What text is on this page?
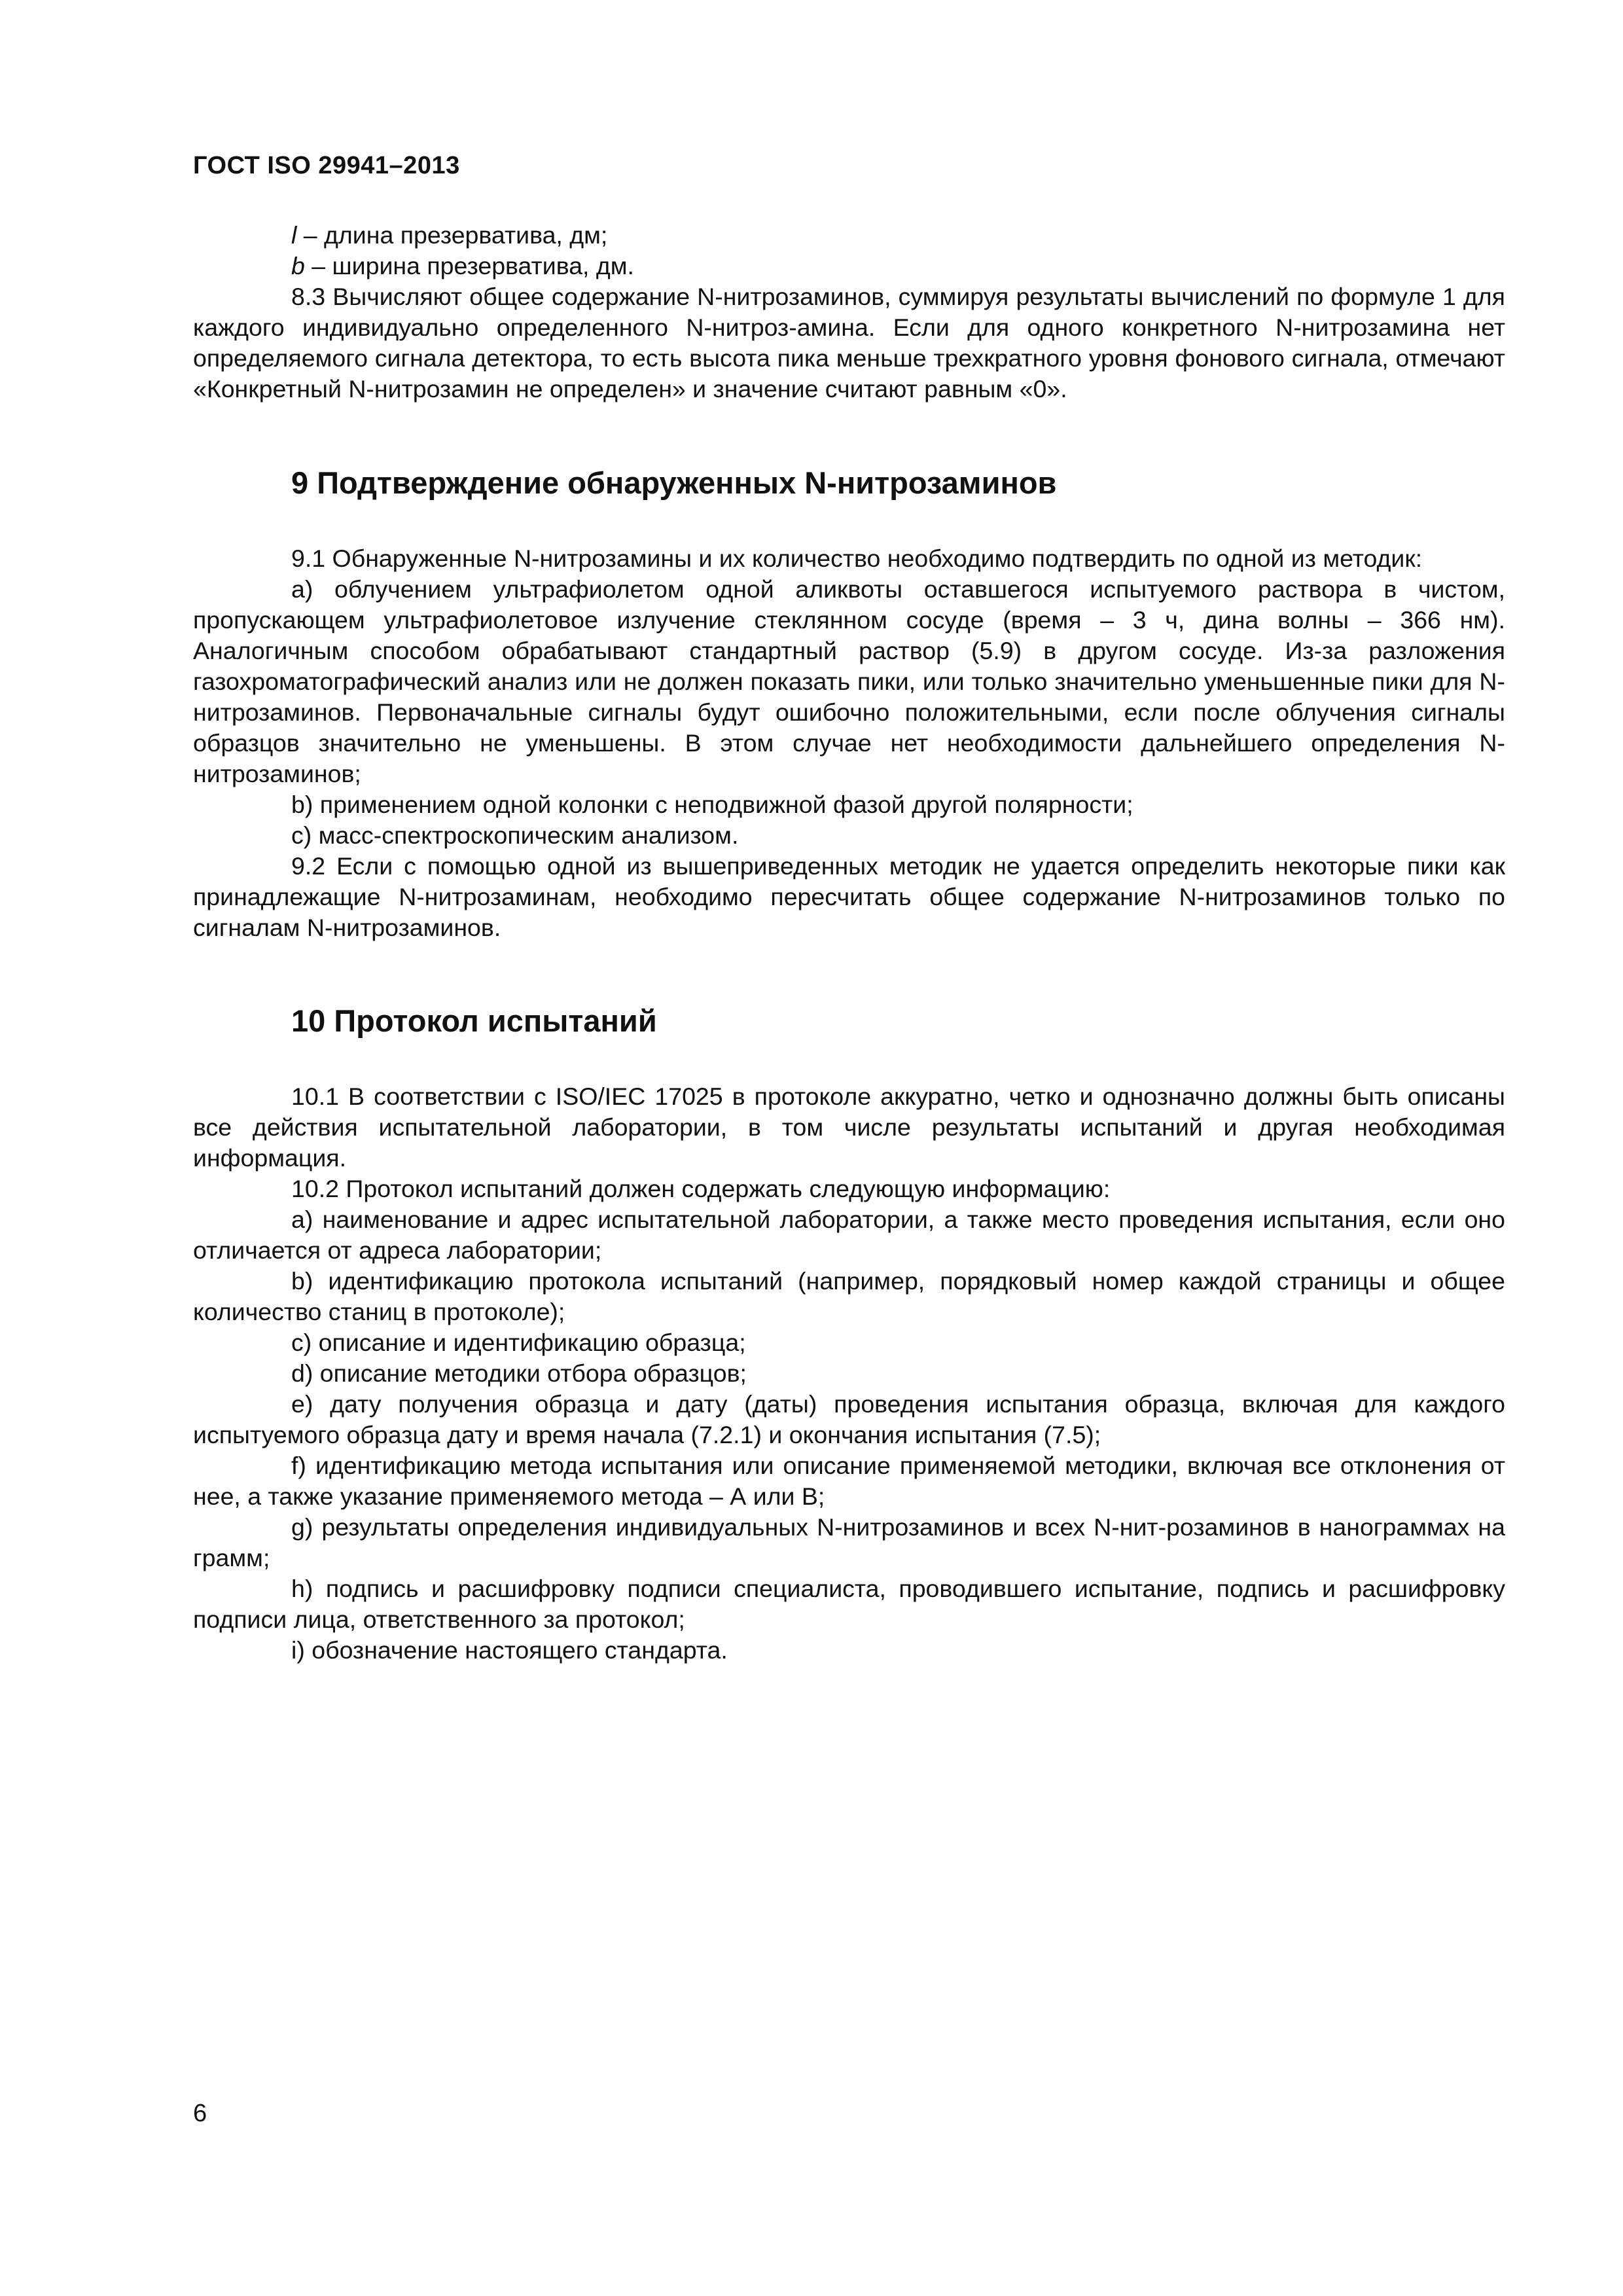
ГОСТ ISO 29941–2013

l – длина презерватива, дм;

b – ширина презерватива, дм.

8.3 Вычисляют общее содержание N-нитрозаминов, суммируя результаты вычислений по формуле 1 для каждого индивидуально определенного N-нитроз-амина. Если для одного конкретного N-нитрозамина нет определяемого сигнала детектора, то есть высота пика меньше трехкратного уровня фонового сигнала, отмечают «Конкретный N-нитрозамин не определен» и значение считают равным «0».

9 Подтверждение обнаруженных N-нитрозаминов

9.1 Обнаруженные N-нитрозамины и их количество необходимо подтвердить по одной из методик:

а) облучением ультрафиолетом одной аликвоты оставшегося испытуемого раствора в чистом, пропускающем ультрафиолетовое излучение стеклянном сосуде (время – 3 ч, дина волны – 366 нм). Аналогичным способом обрабатывают стандартный раствор (5.9) в другом сосуде. Из-за разложения газохроматографический анализ или не должен показать пики, или только значительно уменьшенные пики для N-нитрозаминов. Первоначальные сигналы будут ошибочно положительными, если после облучения сигналы образцов значительно не уменьшены. В этом случае нет необходимости дальнейшего определения N-нитрозаминов;

b) применением одной колонки с неподвижной фазой другой полярности;

с) масс-спектроскопическим анализом.

9.2 Если с помощью одной из вышеприведенных методик не удается определить некоторые пики как принадлежащие N-нитрозаминам, необходимо пересчитать общее содержание N-нитрозаминов только по сигналам N-нитрозаминов.

10 Протокол испытаний

10.1 В соответствии с ISO/IEC 17025 в протоколе аккуратно, четко и однозначно должны быть описаны все действия испытательной лаборатории, в том числе результаты испытаний и другая необходимая информация.

10.2 Протокол испытаний должен содержать следующую информацию:

а) наименование и адрес испытательной лаборатории, а также место проведения испытания, если оно отличается от адреса лаборатории;

b) идентификацию протокола испытаний (например, порядковый номер каждой страницы и общее количество станиц в протоколе);

с) описание и идентификацию образца;

d) описание методики отбора образцов;

е) дату получения образца и дату (даты) проведения испытания образца, включая для каждого испытуемого образца дату и время начала (7.2.1) и окончания испытания (7.5);

f) идентификацию метода испытания или описание применяемой методики, включая все отклонения от нее, а также указание применяемого метода – А или В;

g) результаты определения индивидуальных N-нитрозаминов и всех N-нит-розаминов в нанограммах на грамм;

h) подпись и расшифровку подписи специалиста, проводившего испытание, подпись и расшифровку подписи лица, ответственного за протокол;

i) обозначение настоящего стандарта.

6
